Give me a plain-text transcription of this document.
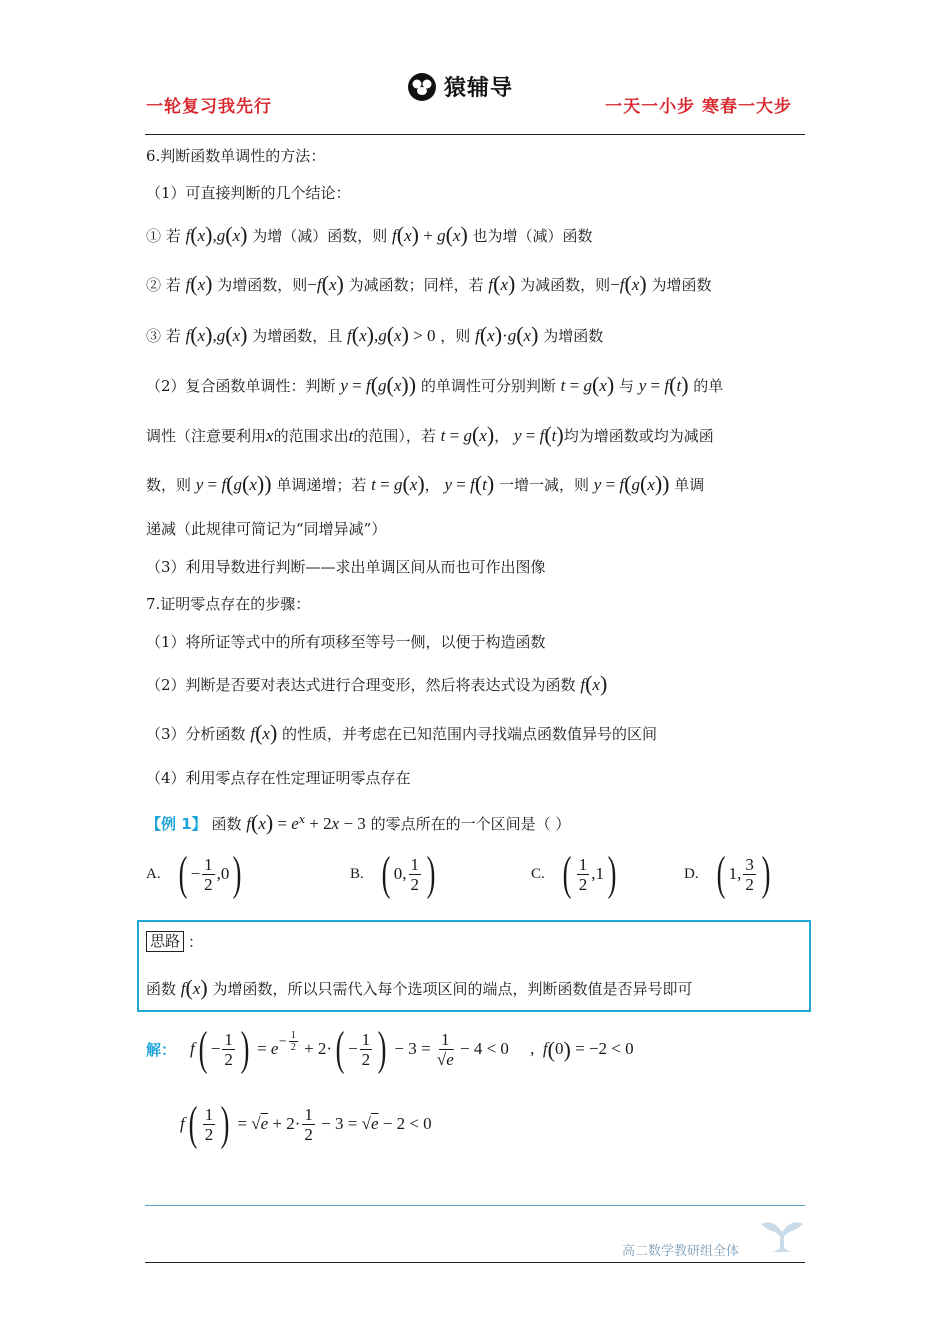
一轮复习我先行
猿辅导
一天一小步 寒春一大步
6.判断函数单调性的方法：
（1）可直接判断的几个结论：
① 若 f(x),g(x) 为增（减）函数，则 f(x) + g(x) 也为增（减）函数
② 若 f(x) 为增函数，则−f(x) 为减函数；同样，若 f(x) 为减函数，则−f(x) 为增函数
③ 若 f(x),g(x) 为增函数，且 f(x),g(x) > 0 ，则 f(x)·g(x) 为增函数
（2）复合函数单调性：判断 y = f(g(x)) 的单调性可分别判断 t = g(x) 与 y = f(t) 的单
调性（注意要利用x的范围求出t的范围），若 t = g(x)， y = f(t)均为增函数或均为减函
数，则 y = f(g(x)) 单调递增；若 t = g(x)， y = f(t) 一增一减，则 y = f(g(x)) 单调
递减（此规律可简记为“同增异减”）
（3）利用导数进行判断——求出单调区间从而也可作出图像
7.证明零点存在的步骤：
（1）将所证等式中的所有项移至等号一侧，以便于构造函数
（2）判断是否要对表达式进行合理变形，然后将表达式设为函数 f(x)
（3）分析函数 f(x) 的性质，并考虑在已知范围内寻找端点函数值异号的区间
（4）利用零点存在性定理证明零点存在
【例 1】 函数 $f(x) = e^x + 2x - 3$ 的零点所在的一个区间是（ ）
A. ( − $\frac{1}{2} ,0$ )	B. ( 0, $\frac{1}{2}$ )	C. ( $\frac{1}{2} ,1$ )	D. ( 1, $\frac{3}{2}$ )
思路 ：
函数 f(x) 为增函数，所以只需代入每个选项区间的端点，判断函数值是否异号即可
解： f ( − $\frac{1}{2}$ ) = $e^{- \frac{1}{2}} + 2\cdot$ ( − $\frac{1}{2}$ ) − $3 = \frac{1}{√e} - 4 < 0$     , f ( 0 ) = −2 < 0
f ( $\frac{1}{2}$ ) = $√e + 2\cdot \frac{1}{2} - 3 = √e - 2 < 0$
高二数学教研组全体
